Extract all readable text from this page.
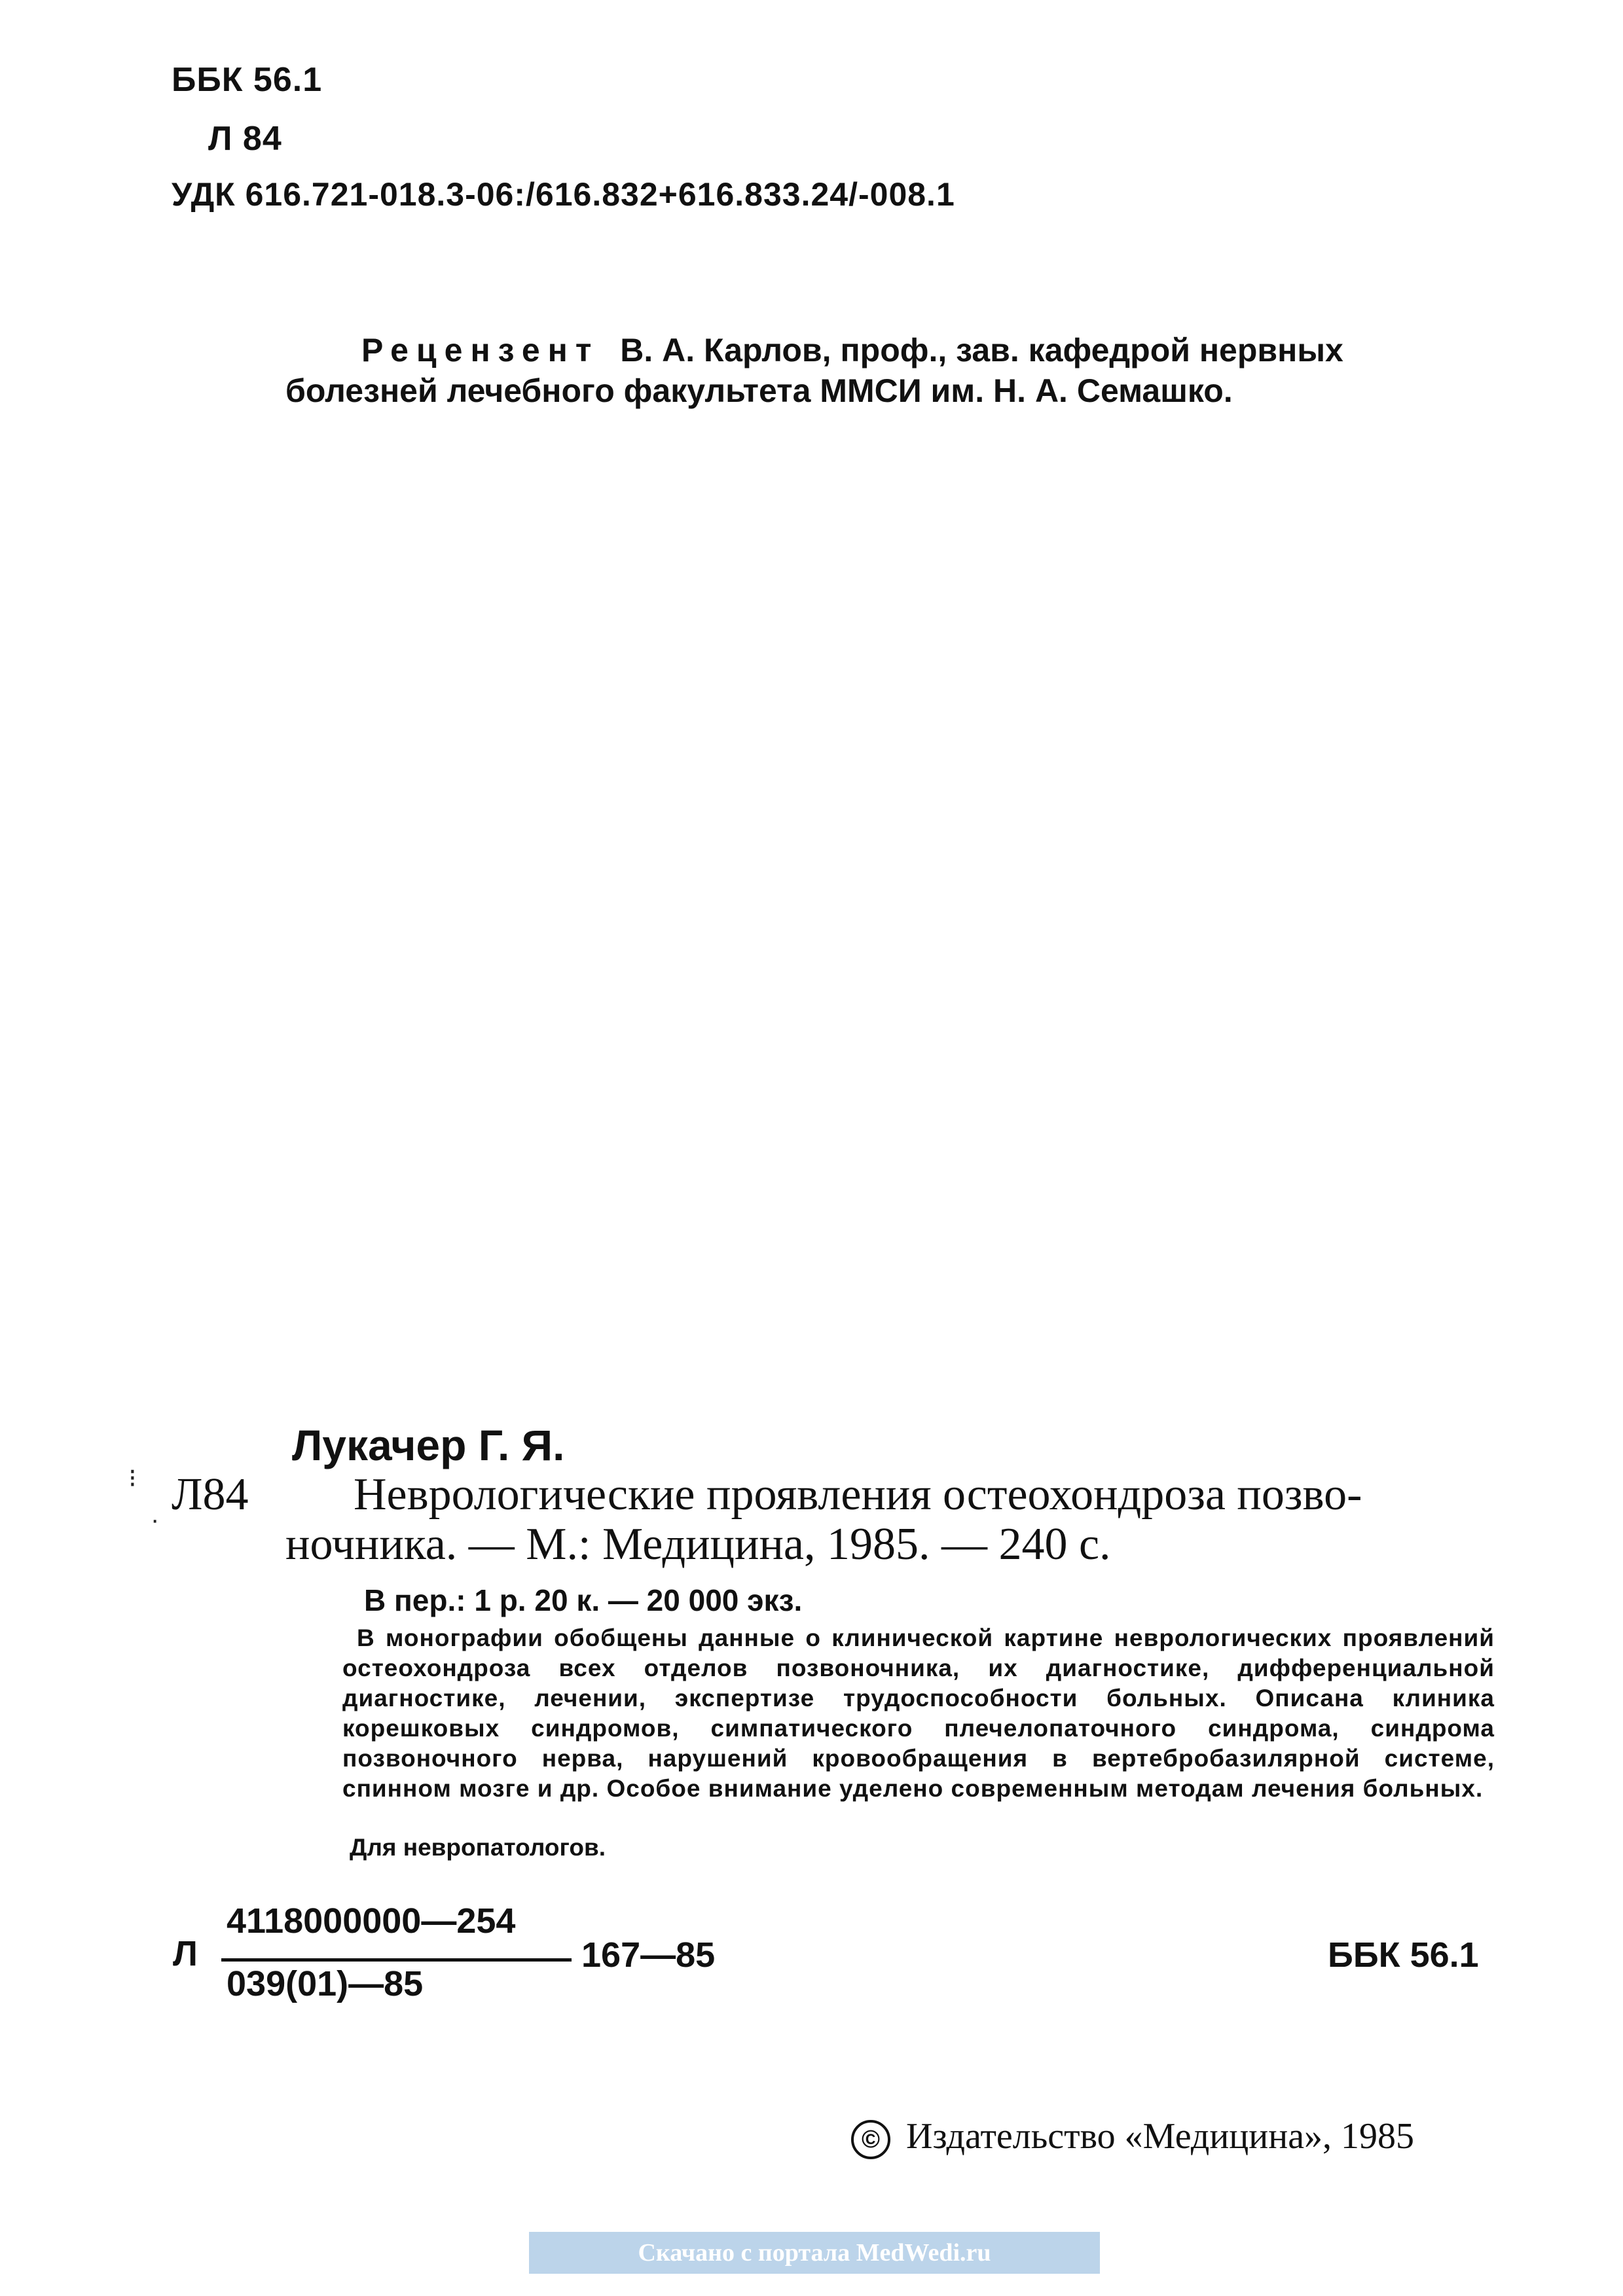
ББК 56.1
Л 84
УДК 616.721-018.3-06:/616.832+616.833.24/-008.1
Рецензент В. А. Карлов, проф., зав. кафедрой нервных
болезней лечебного факультета ММСИ им. Н. А. Семашко.
Лукачер Г. Я.
Л84 Неврологические проявления остеохондроза позво-
ночника. — М.: Медицина, 1985. — 240 с.
В пер.: 1 р. 20 к. — 20 000 экз.
⁝
·
В монографии обобщены данные о клинической картине неврологических проявлений остеохондроза всех отделов позвоночника, их диагностике, дифференциальной диагностике, лечении, экспертизе трудоспособности больных. Описана клиника корешковых синдромов, симпатического плечелопаточного синдрома, синдрома позвоночного нерва, нарушений кровообращения в вертебробазилярной системе, спинном мозге и др. Особое внимание уделено современным методам лечения больных.
Для невропатологов.
Л
4118000000—254
039(01)—85
167—85	ББК 56.1
© Издательство «Медицина», 1985
Скачано с портала MedWedi.ru
